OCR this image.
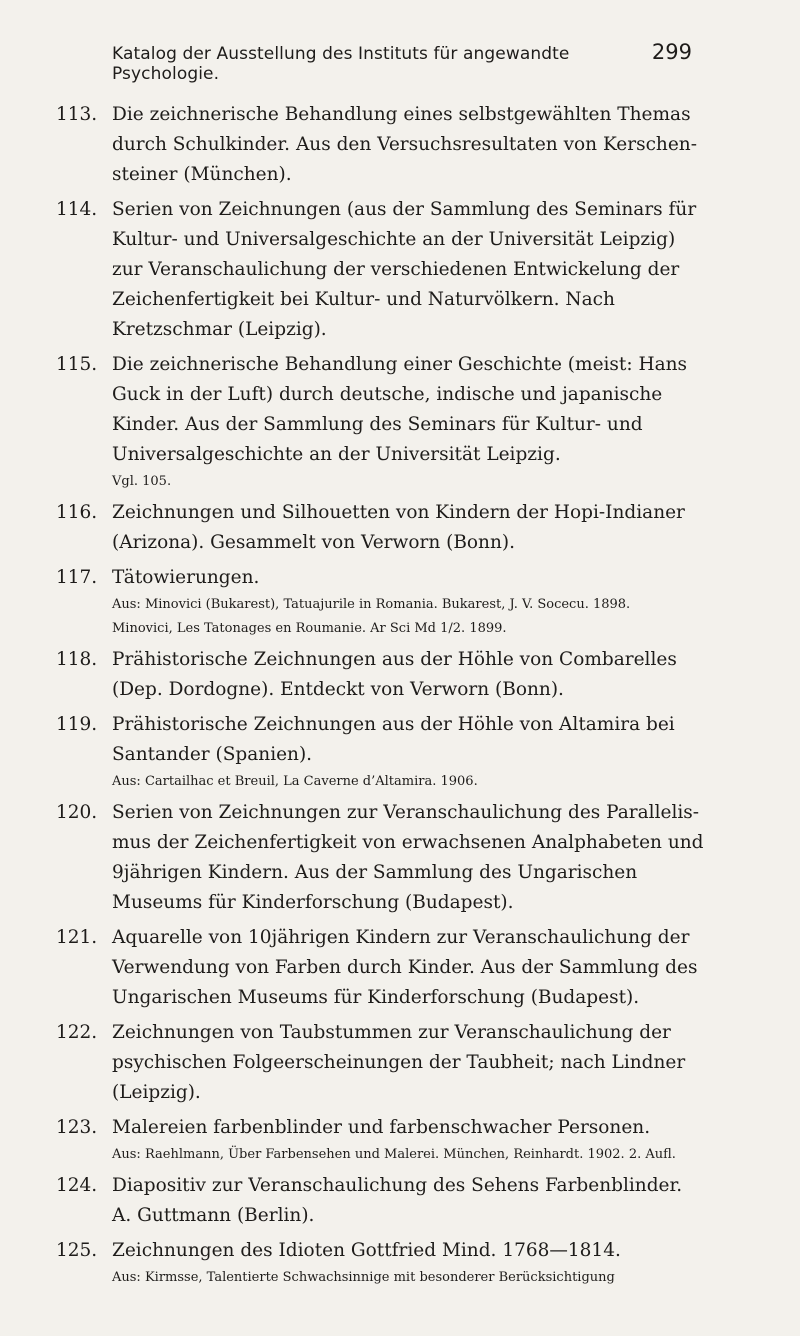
Katalog der Ausstellung des Instituts für angewandte Psychologie.
299
113. Die zeichnerische Behandlung eines selbstgewählten Themas durch Schulkinder. Aus den Versuchsresultaten von Kerschensteiner (München).
114. Serien von Zeichnungen (aus der Sammlung des Seminars für Kultur- und Universalgeschichte an der Universität Leipzig) zur Veranschaulichung der verschiedenen Entwickelung der Zeichenfertigkeit bei Kultur- und Naturvölkern. Nach Kretzschmar (Leipzig).
115. Die zeichnerische Behandlung einer Geschichte (meist: Hans Guck in der Luft) durch deutsche, indische und japanische Kinder. Aus der Sammlung des Seminars für Kultur- und Universalgeschichte an der Universität Leipzig.
Vgl. 105.
116. Zeichnungen und Silhouetten von Kindern der Hopi-Indianer (Arizona). Gesammelt von Verworn (Bonn).
117. Tätowierungen.
Aus: Minovici (Bukarest), Tatuajurile in Romania. Bukarest, J. V. Socecu. 1898.
Minovici, Les Tatonages en Roumanie. Ar Sci Md 1/2. 1899.
118. Prähistorische Zeichnungen aus der Höhle von Combarelles (Dep. Dordogne). Entdeckt von Verworn (Bonn).
119. Prähistorische Zeichnungen aus der Höhle von Altamira bei Santander (Spanien).
Aus: Cartailhac et Breuil, La Caverne d’Altamira. 1906.
120. Serien von Zeichnungen zur Veranschaulichung des Parallelismus der Zeichenfertigkeit von erwachsenen Analphabeten und 9jährigen Kindern. Aus der Sammlung des Ungarischen Museums für Kinderforschung (Budapest).
121. Aquarelle von 10jährigen Kindern zur Veranschaulichung der Verwendung von Farben durch Kinder. Aus der Sammlung des Ungarischen Museums für Kinderforschung (Budapest).
122. Zeichnungen von Taubstummen zur Veranschaulichung der psychischen Folgeerscheinungen der Taubheit; nach Lindner (Leipzig).
123. Malereien farbenblinder und farbenschwacher Personen.
Aus: Raehlmann, Über Farbensehen und Malerei. München, Reinhardt. 1902. 2. Aufl.
124. Diapositiv zur Veranschaulichung des Sehens Farbenblinder. A. Guttmann (Berlin).
125. Zeichnungen des Idioten Gottfried Mind. 1768—1814.
Aus: Kirmsse, Talentierte Schwachsinnige mit besonderer Berücksichtigung
